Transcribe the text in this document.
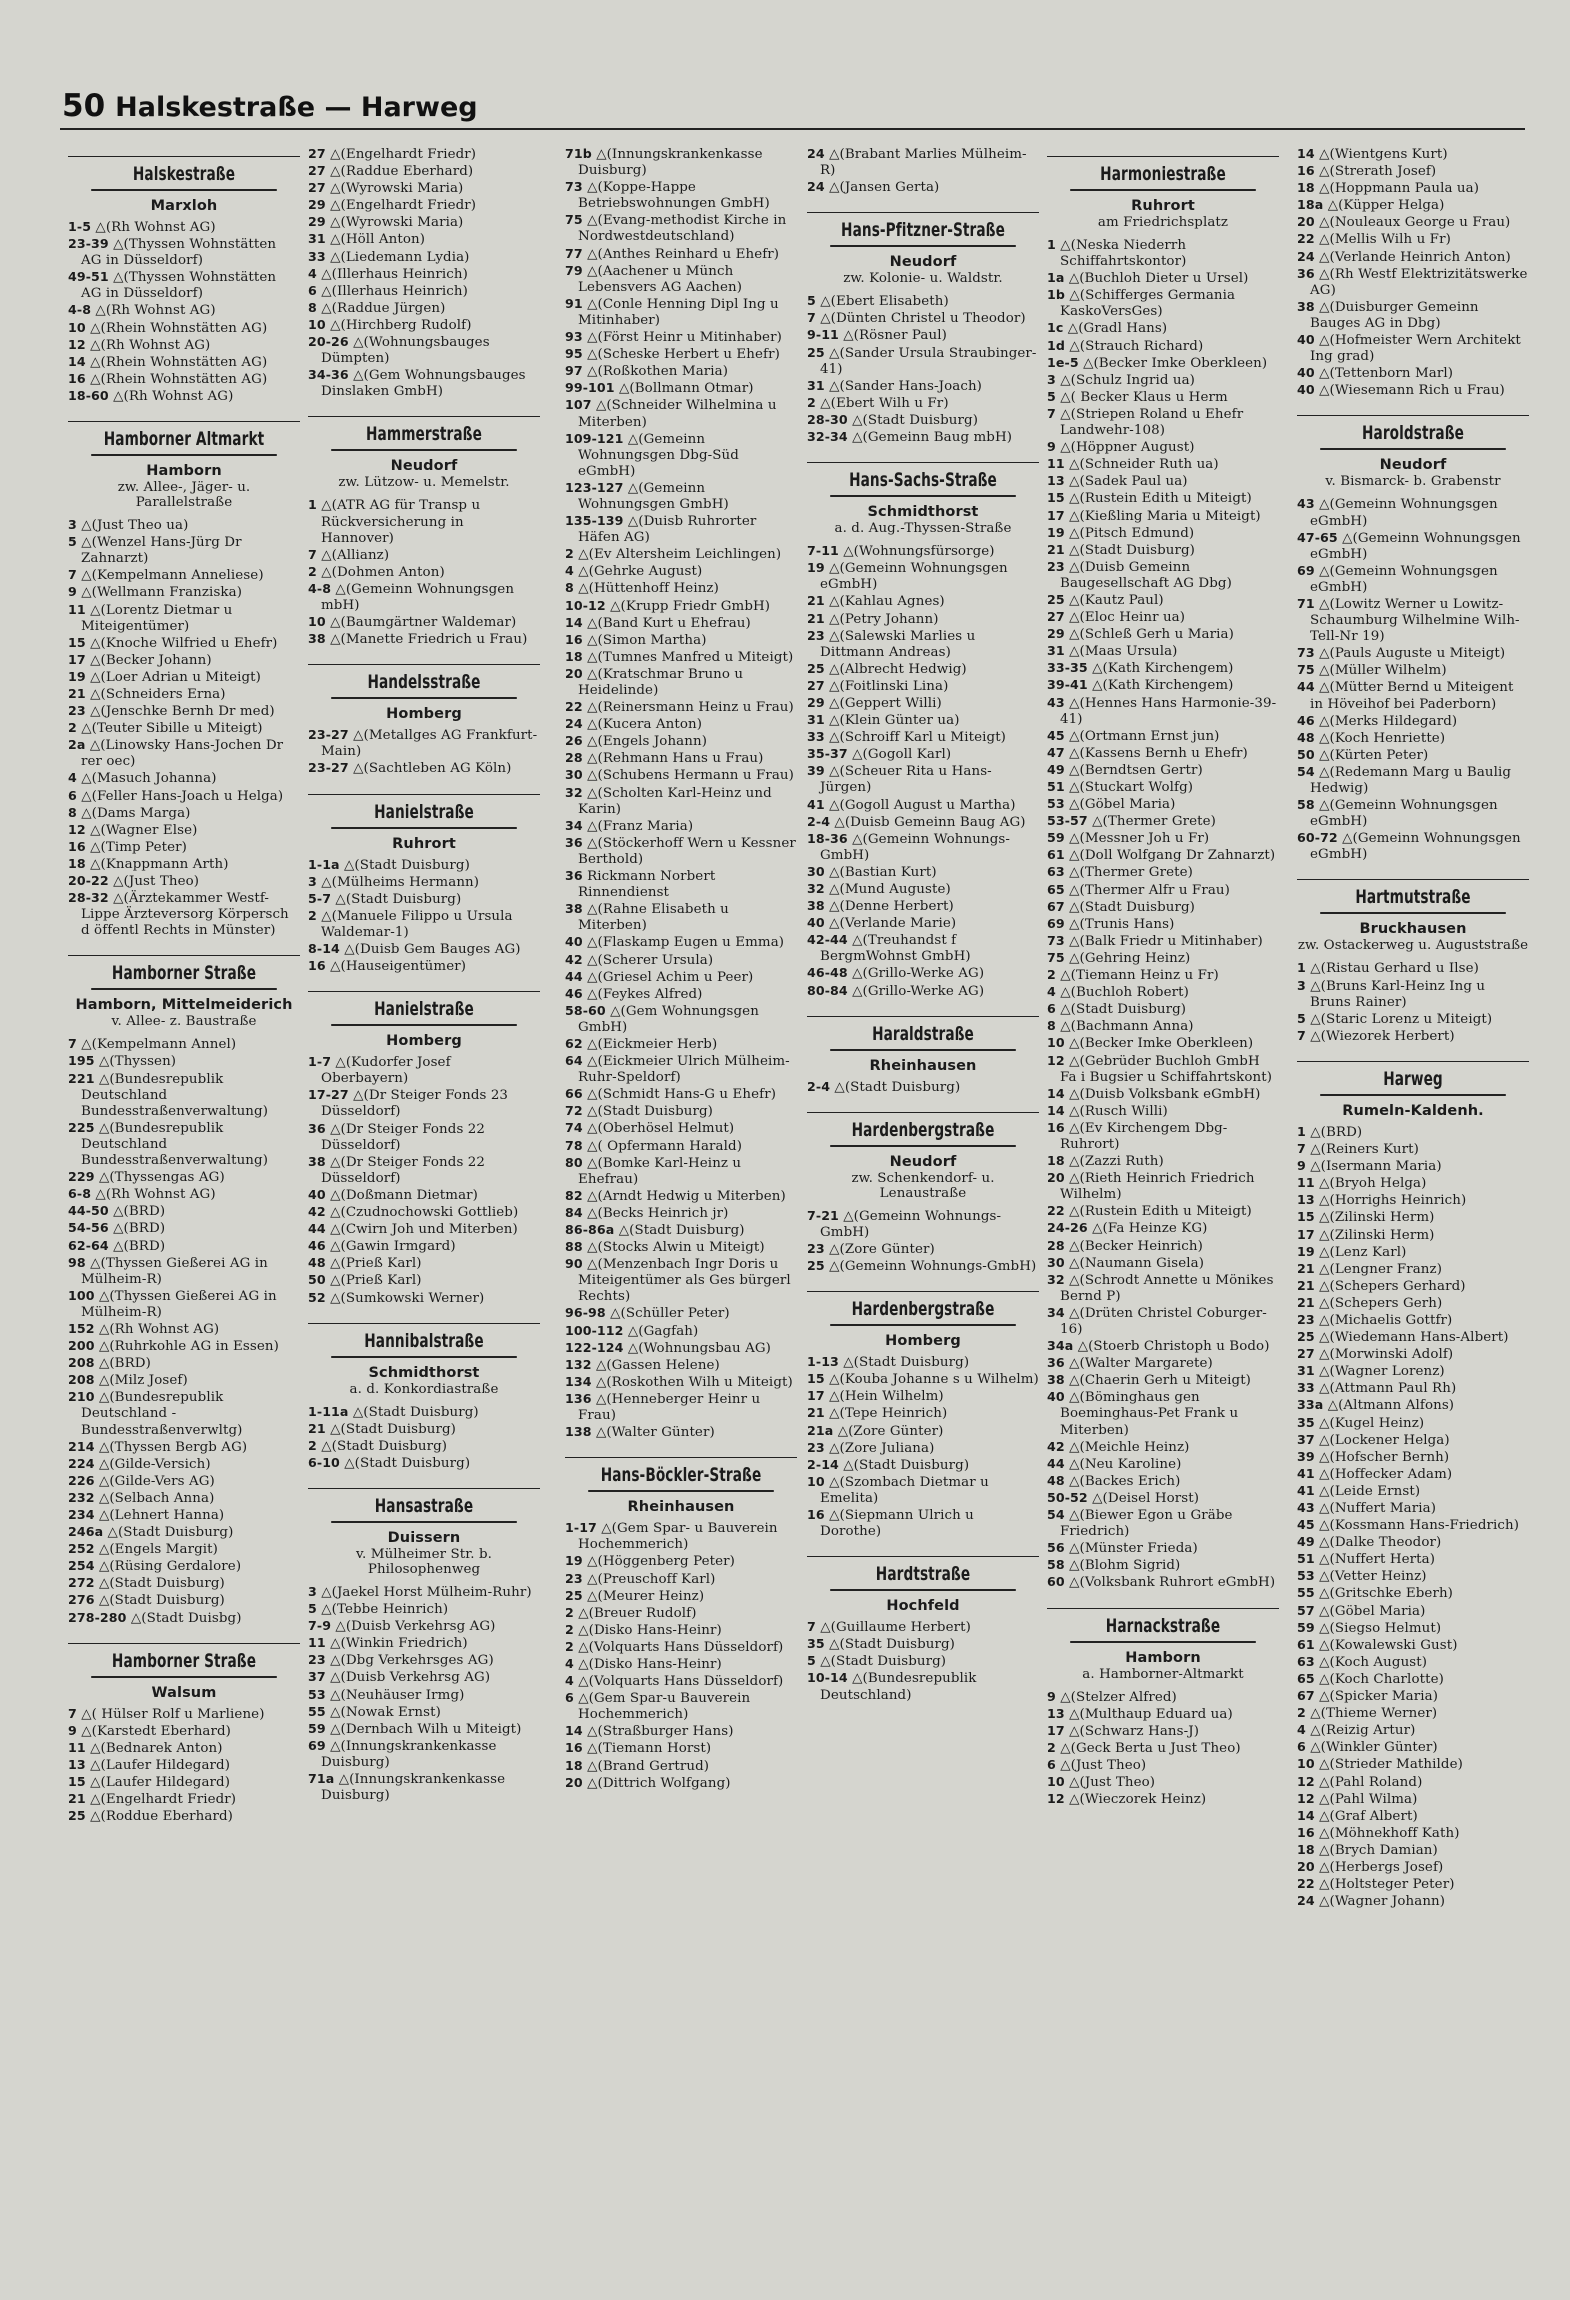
50 Halskestraße — Harweg
Halskestraße
Marxloh
1-5 △(Rh Wohnst AG)
23-39 △(Thyssen Wohnstätten AG in Düsseldorf)
49-51 △(Thyssen Wohnstätten AG in Düsseldorf)
4-8 △(Rh Wohnst AG)
10 △(Rhein Wohnstätten AG)
12 △(Rh Wohnst AG)
14 △(Rhein Wohnstätten AG)
16 △(Rhein Wohnstätten AG)
18-60 △(Rh Wohnst AG)
Hamborner Altmarkt
Hamborn
zw. Allee-, Jäger- u. Parallelstraße
3 △(Just Theo ua)
5 △(Wenzel Hans-Jürg Dr Zahnarzt)
7 △(Kempelmann Anneliese)
9 △(Wellmann Franziska)
11 △(Lorentz Dietmar u Miteigentümer)
15 △(Knoche Wilfried u Ehefr)
17 △(Becker Johann)
19 △(Loer Adrian u Miteigt)
21 △(Schneiders Erna)
23 △(Jenschke Bernh Dr med)
2 △(Teuter Sibille u Miteigt)
2a △(Linowsky Hans-Jochen Dr rer oec)
4 △(Masuch Johanna)
6 △(Feller Hans-Joach u Helga)
8 △(Dams Marga)
12 △(Wagner Else)
16 △(Timp Peter)
18 △(Knappmann Arth)
20-22 △(Just Theo)
28-32 △(Ärztekammer Westf-Lippe Ärzteversorg Körpersch d öffentl Rechts in Münster)
Hamborner Straße
Hamborn, Mittelmeiderich
v. Allee- z. Baustraße
7 △(Kempelmann Annel)
195 △(Thyssen)
221 △(Bundesrepublik Deutschland Bundesstraßenverwaltung)
225 △(Bundesrepublik Deutschland Bundesstraßenverwaltung)
229 △(Thyssengas AG)
6-8 △(Rh Wohnst AG)
44-50 △(BRD)
54-56 △(BRD)
62-64 △(BRD)
98 △(Thyssen Gießerei AG in Mülheim-R)
100 △(Thyssen Gießerei AG in Mülheim-R)
152 △(Rh Wohnst AG)
200 △(Ruhrkohle AG in Essen)
208 △(BRD)
208 △(Milz Josef)
210 △(Bundesrepublik Deutschland -Bundesstraßenverwltg)
214 △(Thyssen Bergb AG)
224 △(Gilde-Versich)
226 △(Gilde-Vers AG)
232 △(Selbach Anna)
234 △(Lehnert Hanna)
246a △(Stadt Duisburg)
252 △(Engels Margit)
254 △(Rüsing Gerdalore)
272 △(Stadt Duisburg)
276 △(Stadt Duisburg)
278-280 △(Stadt Duisbg)
Hamborner Straße
Walsum
7 △( Hülser Rolf u Marliene)
9 △(Karstedt Eberhard)
11 △(Bednarek Anton)
13 △(Laufer Hildegard)
15 △(Laufer Hildegard)
21 △(Engelhardt Friedr)
25 △(Roddue Eberhard)
27 △(Engelhardt Friedr)
27 △(Raddue Eberhard)
27 △(Wyrowski Maria)
29 △(Engelhardt Friedr)
29 △(Wyrowski Maria)
31 △(Höll Anton)
33 △(Liedemann Lydia)
4 △(Illerhaus Heinrich)
6 △(Illerhaus Heinrich)
8 △(Raddue Jürgen)
10 △(Hirchberg Rudolf)
20-26 △(Wohnungsbauges Dümpten)
34-36 △(Gem Wohnungsbauges Dinslaken GmbH)
Hammerstraße
Neudorf
zw. Lützow- u. Memelstr.
1 △(ATR AG für Transp u Rückversicherung in Hannover)
7 △(Allianz)
2 △(Dohmen Anton)
4-8 △(Gemeinn Wohnungsgen mbH)
10 △(Baumgärtner Waldemar)
38 △(Manette Friedrich u Frau)
Handelsstraße
Homberg
23-27 △(Metallges AG Frankfurt-Main)
23-27 △(Sachtleben AG Köln)
Hanielstraße
Ruhrort
1-1a △(Stadt Duisburg)
3 △(Mülheims Hermann)
5-7 △(Stadt Duisburg)
2 △(Manuele Filippo u Ursula Waldemar-1)
8-14 △(Duisb Gem Bauges AG)
16 △(Hauseigentümer)
Hanielstraße
Homberg
1-7 △(Kudorfer Josef Oberbayern)
17-27 △(Dr Steiger Fonds 23 Düsseldorf)
36 △(Dr Steiger Fonds 22 Düsseldorf)
38 △(Dr Steiger Fonds 22 Düsseldorf)
40 △(Doßmann Dietmar)
42 △(Czudnochowski Gottlieb)
44 △(Cwirn Joh und Miterben)
46 △(Gawin Irmgard)
48 △(Prieß Karl)
50 △(Prieß Karl)
52 △(Sumkowski Werner)
Hannibalstraße
Schmidthorst
a. d. Konkordiastraße
1-11a △(Stadt Duisburg)
21 △(Stadt Duisburg)
2 △(Stadt Duisburg)
6-10 △(Stadt Duisburg)
Hansastraße
Duissern
v. Mülheimer Str. b. Philosophenweg
3 △(Jaekel Horst Mülheim-Ruhr)
5 △(Tebbe Heinrich)
7-9 △(Duisb Verkehrsg AG)
11 △(Winkin Friedrich)
23 △(Dbg Verkehrsges AG)
37 △(Duisb Verkehrsg AG)
53 △(Neuhäuser Irmg)
55 △(Nowak Ernst)
59 △(Dernbach Wilh u Miteigt)
69 △(Innungskrankenkasse Duisburg)
71a △(Innungskrankenkasse Duisburg)
71b △(Innungskrankenkasse Duisburg)
73 △(Koppe-Happe Betriebswohnungen GmbH)
75 △(Evang-methodist Kirche in Nordwestdeutschland)
77 △(Anthes Reinhard u Ehefr)
79 △(Aachener u Münch Lebensvers AG Aachen)
91 △(Conle Henning Dipl Ing u Mitinhaber)
93 △(Först Heinr u Mitinhaber)
95 △(Scheske Herbert u Ehefr)
97 △(Roßkothen Maria)
99-101 △(Bollmann Otmar)
107 △(Schneider Wilhelmina u Miterben)
109-121 △(Gemeinn Wohnungsgen Dbg-Süd eGmbH)
123-127 △(Gemeinn Wohnungsgen GmbH)
135-139 △(Duisb Ruhrorter Häfen AG)
2 △(Ev Altersheim Leichlingen)
4 △(Gehrke August)
8 △(Hüttenhoff Heinz)
10-12 △(Krupp Friedr GmbH)
14 △(Band Kurt u Ehefrau)
16 △(Simon Martha)
18 △(Tumnes Manfred u Miteigt)
20 △(Kratschmar Bruno u Heidelinde)
22 △(Reinersmann Heinz u Frau)
24 △(Kucera Anton)
26 △(Engels Johann)
28 △(Rehmann Hans u Frau)
30 △(Schubens Hermann u Frau)
32 △(Scholten Karl-Heinz und Karin)
34 △(Franz Maria)
36 △(Stöckerhoff Wern u Kessner Berthold)
36 Rickmann Norbert Rinnendienst
38 △(Rahne Elisabeth u Miterben)
40 △(Flaskamp Eugen u Emma)
42 △(Scherer Ursula)
44 △(Griesel Achim u Peer)
46 △(Feykes Alfred)
58-60 △(Gem Wohnungsgen GmbH)
62 △(Eickmeier Herb)
64 △(Eickmeier Ulrich Mülheim-Ruhr-Speldorf)
66 △(Schmidt Hans-G u Ehefr)
72 △(Stadt Duisburg)
74 △(Oberhösel Helmut)
78 △( Opfermann Harald)
80 △(Bomke Karl-Heinz u Ehefrau)
82 △(Arndt Hedwig u Miterben)
84 △(Becks Heinrich jr)
86-86a △(Stadt Duisburg)
88 △(Stocks Alwin u Miteigt)
90 △(Menzenbach Ingr Doris u Miteigentümer als Ges bürgerl Rechts)
96-98 △(Schüller Peter)
100-112 △(Gagfah)
122-124 △(Wohnungsbau AG)
132 △(Gassen Helene)
134 △(Roskothen Wilh u Miteigt)
136 △(Henneberger Heinr u Frau)
138 △(Walter Günter)
Hans-Böckler-Straße
Rheinhausen
1-17 △(Gem Spar- u Bauverein Hochemmerich)
19 △(Höggenberg Peter)
23 △(Preuschoff Karl)
25 △(Meurer Heinz)
2 △(Breuer Rudolf)
2 △(Disko Hans-Heinr)
2 △(Volquarts Hans Düsseldorf)
4 △(Disko Hans-Heinr)
4 △(Volquarts Hans Düsseldorf)
6 △(Gem Spar-u Bauverein Hochemmerich)
14 △(Straßburger Hans)
16 △(Tiemann Horst)
18 △(Brand Gertrud)
20 △(Dittrich Wolfgang)
24 △(Brabant Marlies Mülheim-R)
24 △(Jansen Gerta)
Hans-Pfitzner-Straße
Neudorf
zw. Kolonie- u. Waldstr.
5 △(Ebert Elisabeth)
7 △(Dünten Christel u Theodor)
9-11 △(Rösner Paul)
25 △(Sander Ursula Straubinger-41)
31 △(Sander Hans-Joach)
2 △(Ebert Wilh u Fr)
28-30 △(Stadt Duisburg)
32-34 △(Gemeinn Baug mbH)
Hans-Sachs-Straße
Schmidthorst
a. d. Aug.-Thyssen-Straße
7-11 △(Wohnungsfürsorge)
19 △(Gemeinn Wohnungsgen eGmbH)
21 △(Kahlau Agnes)
21 △(Petry Johann)
23 △(Salewski Marlies u Dittmann Andreas)
25 △(Albrecht Hedwig)
27 △(Foitlinski Lina)
29 △(Geppert Willi)
31 △(Klein Günter ua)
33 △(Schroiff Karl u Miteigt)
35-37 △(Gogoll Karl)
39 △(Scheuer Rita u Hans-Jürgen)
41 △(Gogoll August u Martha)
2-4 △(Duisb Gemeinn Baug AG)
18-36 △(Gemeinn Wohnungs-GmbH)
30 △(Bastian Kurt)
32 △(Mund Auguste)
38 △(Denne Herbert)
40 △(Verlande Marie)
42-44 △(Treuhandst f BergmWohnst GmbH)
46-48 △(Grillo-Werke AG)
80-84 △(Grillo-Werke AG)
Haraldstraße
Rheinhausen
2-4 △(Stadt Duisburg)
Hardenbergstraße
Neudorf
zw. Schenkendorf- u. Lenaustraße
7-21 △(Gemeinn Wohnungs-GmbH)
23 △(Zore Günter)
25 △(Gemeinn Wohnungs-GmbH)
Hardenbergstraße
Homberg
1-13 △(Stadt Duisburg)
15 △(Kouba Johanne s u Wilhelm)
17 △(Hein Wilhelm)
21 △(Tepe Heinrich)
21a △(Zore Günter)
23 △(Zore Juliana)
2-14 △(Stadt Duisburg)
10 △(Szombach Dietmar u Emelita)
16 △(Siepmann Ulrich u Dorothe)
Hardtstraße
Hochfeld
7 △(Guillaume Herbert)
35 △(Stadt Duisburg)
5 △(Stadt Duisburg)
10-14 △(Bundesrepublik Deutschland)
Harmoniestraße
Ruhrort
am Friedrichsplatz
1 △(Neska Niederrh Schiffahrtskontor)
1a △(Buchloh Dieter u Ursel)
1b △(Schifferges Germania KaskoVersGes)
1c △(Gradl Hans)
1d △(Strauch Richard)
1e-5 △(Becker Imke Oberkleen)
3 △(Schulz Ingrid ua)
5 △( Becker Klaus u Herm
7 △(Striepen Roland u Ehefr Landwehr-108)
9 △(Höppner August)
11 △(Schneider Ruth ua)
13 △(Sadek Paul ua)
15 △(Rustein Edith u Miteigt)
17 △(Kießling Maria u Miteigt)
19 △(Pitsch Edmund)
21 △(Stadt Duisburg)
23 △(Duisb Gemeinn Baugesellschaft AG Dbg)
25 △(Kautz Paul)
27 △(Eloc Heinr ua)
29 △(Schleß Gerh u Maria)
31 △(Maas Ursula)
33-35 △(Kath Kirchengem)
39-41 △(Kath Kirchengem)
43 △(Hennes Hans Harmonie-39-41)
45 △(Ortmann Ernst jun)
47 △(Kassens Bernh u Ehefr)
49 △(Berndtsen Gertr)
51 △(Stuckart Wolfg)
53 △(Göbel Maria)
53-57 △(Thermer Grete)
59 △(Messner Joh u Fr)
61 △(Doll Wolfgang Dr Zahnarzt)
63 △(Thermer Grete)
65 △(Thermer Alfr u Frau)
67 △(Stadt Duisburg)
69 △(Trunis Hans)
73 △(Balk Friedr u Mitinhaber)
75 △(Gehring Heinz)
2 △(Tiemann Heinz u Fr)
4 △(Buchloh Robert)
6 △(Stadt Duisburg)
8 △(Bachmann Anna)
10 △(Becker Imke Oberkleen)
12 △(Gebrüder Buchloh GmbH Fa i Bugsier u Schiffahrtskont)
14 △(Duisb Volksbank eGmbH)
14 △(Rusch Willi)
16 △(Ev Kirchengem Dbg-Ruhrort)
18 △(Zazzi Ruth)
20 △(Rieth Heinrich Friedrich Wilhelm)
22 △(Rustein Edith u Miteigt)
24-26 △(Fa Heinze KG)
28 △(Becker Heinrich)
30 △(Naumann Gisela)
32 △(Schrodt Annette u Mönikes Bernd P)
34 △(Drüten Christel Coburger-16)
34a △(Stoerb Christoph u Bodo)
36 △(Walter Margarete)
38 △(Chaerin Gerh u Miteigt)
40 △(Böminghaus gen Boeminghaus-Pet Frank u Miterben)
42 △(Meichle Heinz)
44 △(Neu Karoline)
48 △(Backes Erich)
50-52 △(Deisel Horst)
54 △(Biewer Egon u Gräbe Friedrich)
56 △(Münster Frieda)
58 △(Blohm Sigrid)
60 △(Volksbank Ruhrort eGmbH)
Harnackstraße
Hamborn
a. Hamborner-Altmarkt
9 △(Stelzer Alfred)
13 △(Multhaup Eduard ua)
17 △(Schwarz Hans-J)
2 △(Geck Berta u Just Theo)
6 △(Just Theo)
10 △(Just Theo)
12 △(Wieczorek Heinz)
14 △(Wientgens Kurt)
16 △(Strerath Josef)
18 △(Hoppmann Paula ua)
18a △(Küpper Helga)
20 △(Nouleaux George u Frau)
22 △(Mellis Wilh u Fr)
24 △(Verlande Heinrich Anton)
36 △(Rh Westf Elektrizitätswerke AG)
38 △(Duisburger Gemeinn Bauges AG in Dbg)
40 △(Hofmeister Wern Architekt Ing grad)
40 △(Tettenborn Marl)
40 △(Wiesemann Rich u Frau)
Haroldstraße
Neudorf
v. Bismarck- b. Grabenstr
43 △(Gemeinn Wohnungsgen eGmbH)
47-65 △(Gemeinn Wohnungsgen eGmbH)
69 △(Gemeinn Wohnungsgen eGmbH)
71 △(Lowitz Werner u Lowitz-Schaumburg Wilhelmine Wilh-Tell-Nr 19)
73 △(Pauls Auguste u Miteigt)
75 △(Müller Wilhelm)
44 △(Mütter Bernd u Miteigent in Höveihof bei Paderborn)
46 △(Merks Hildegard)
48 △(Koch Henriette)
50 △(Kürten Peter)
54 △(Redemann Marg u Baulig Hedwig)
58 △(Gemeinn Wohnungsgen eGmbH)
60-72 △(Gemeinn Wohnungsgen eGmbH)
Hartmutstraße
Bruckhausen
zw. Ostackerweg u. Auguststraße
1 △(Ristau Gerhard u Ilse)
3 △(Bruns Karl-Heinz Ing u Bruns Rainer)
5 △(Staric Lorenz u Miteigt)
7 △(Wiezorek Herbert)
Harweg
Rumeln-Kaldenh.
1 △(BRD)
7 △(Reiners Kurt)
9 △(Isermann Maria)
11 △(Bryoh Helga)
13 △(Horrighs Heinrich)
15 △(Zilinski Herm)
17 △(Zilinski Herm)
19 △(Lenz Karl)
21 △(Lengner Franz)
21 △(Schepers Gerhard)
21 △(Schepers Gerh)
23 △(Michaelis Gottfr)
25 △(Wiedemann Hans-Albert)
27 △(Morwinski Adolf)
31 △(Wagner Lorenz)
33 △(Attmann Paul Rh)
33a △(Altmann Alfons)
35 △(Kugel Heinz)
37 △(Lockener Helga)
39 △(Hofscher Bernh)
41 △(Hoffecker Adam)
41 △(Leide Ernst)
43 △(Nuffert Maria)
45 △(Kossmann Hans-Friedrich)
49 △(Dalke Theodor)
51 △(Nuffert Herta)
53 △(Vetter Heinz)
55 △(Gritschke Eberh)
57 △(Göbel Maria)
59 △(Siegso Helmut)
61 △(Kowalewski Gust)
63 △(Koch August)
65 △(Koch Charlotte)
67 △(Spicker Maria)
2 △(Thieme Werner)
4 △(Reizig Artur)
6 △(Winkler Günter)
10 △(Strieder Mathilde)
12 △(Pahl Roland)
12 △(Pahl Wilma)
14 △(Graf Albert)
16 △(Möhnekhoff Kath)
18 △(Brych Damian)
20 △(Herbergs Josef)
22 △(Holtsteger Peter)
24 △(Wagner Johann)
